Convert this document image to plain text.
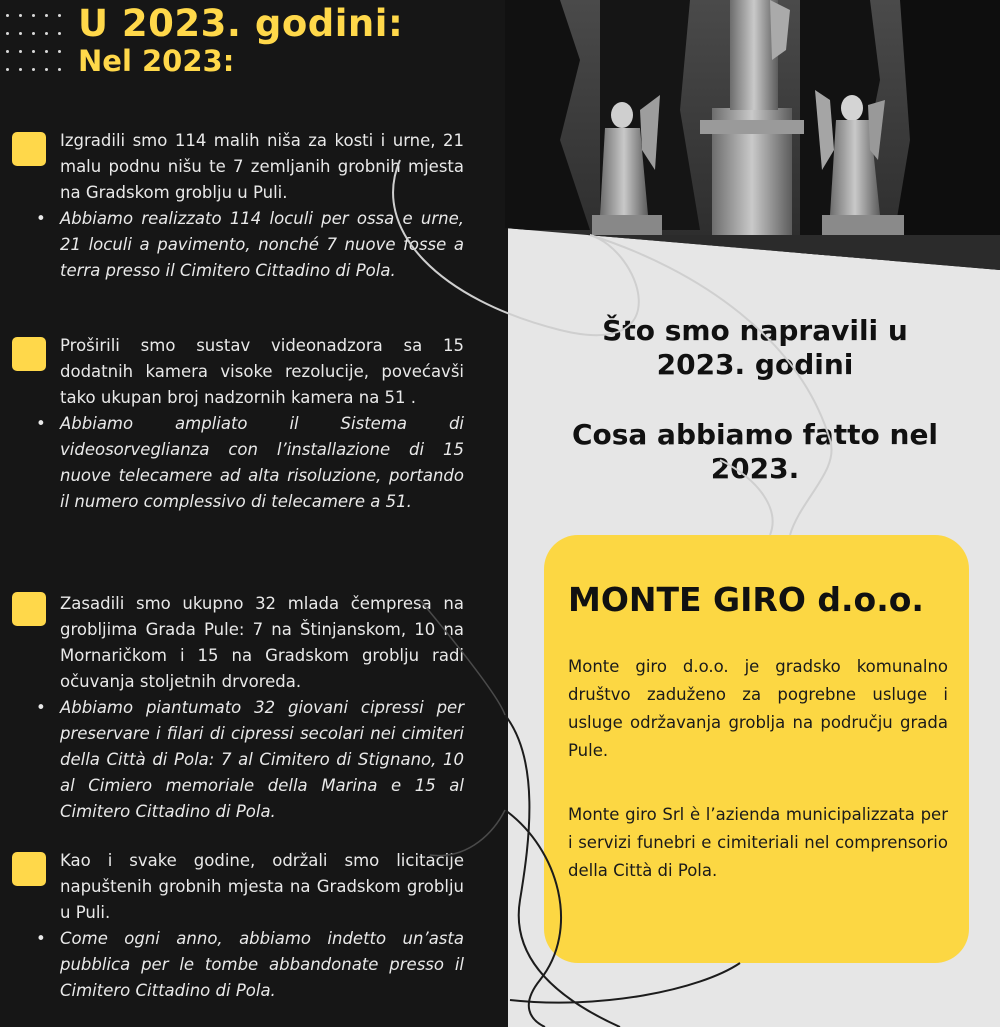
U 2023. godini:
Nel 2023:

Izgradili smo 114 malih niša za kosti i urne, 21 malu podnu nišu te 7 zemljanih grobnih mjesta na Gradskom groblju u Puli.

• Abbiamo realizzato 114 loculi per ossa e urne, 21 loculi a pavimento, nonché 7 nuove fosse a terra presso il Cimitero Cittadino di Pola.

Proširili smo sustav videonadzora sa 15 dodatnih kamera visoke rezolucije, povećavši tako ukupan broj nadzornih kamera na 51 .

• Abbiamo ampliato il Sistema di videosorveglianza con l’installazione di 15 nuove telecamere ad alta risoluzione, portando il numero complessivo di telecamere a 51.

Zasadili smo ukupno 32 mlada čempresa na grobljima Grada Pule: 7 na Štinjanskom, 10 na Mornaričkom i 15 na Gradskom groblju radi očuvanja stoljetnih drvoreda.

• Abbiamo piantumato 32 giovani cipressi per preservare i filari di cipressi secolari nei cimiteri della Città di Pola: 7 al Cimitero di Stignano, 10 al Cimiero memoriale della Marina e 15 al Cimitero Cittadino di Pola.

Kao i svake godine, održali smo licitacije napuštenih grobnih mjesta na Gradskom groblju u Puli.

• Come ogni anno, abbiamo indetto un’asta pubblica per le tombe abbandonate presso il Cimitero Cittadino di Pola.
Što smo napravili u 2023. godini
Cosa abbiamo fatto nel 2023.
MONTE GIRO d.o.o.

Monte giro d.o.o. je gradsko komunalno društvo zaduženo za pogrebne usluge i usluge održavanja groblja na području grada Pule.

Monte giro Srl è l’azienda municipalizzata per i servizi funebri e cimiteriali nel comprensorio della Città di Pola.
